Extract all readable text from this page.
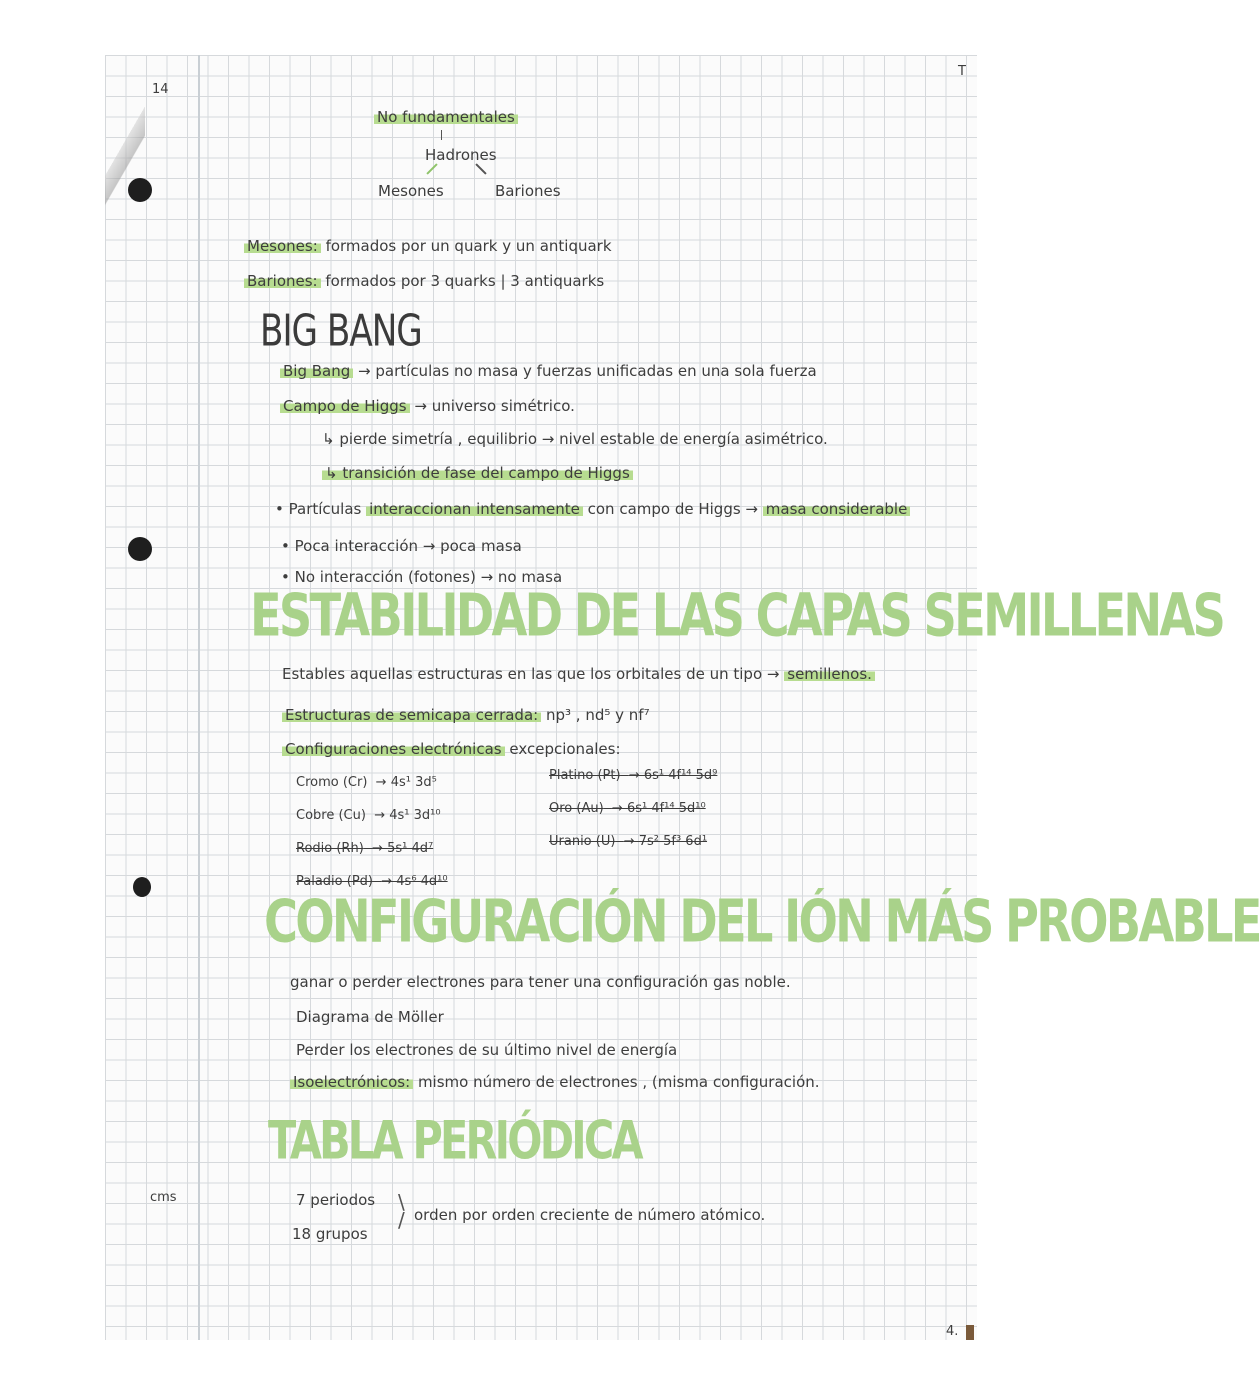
14
T
cms
4.
No fundamentales
Hadrones
Mesones	Bariones
Mesones: formados por un quark y un antiquark
Bariones: formados por 3 quarks | 3 antiquarks
BIG BANG
Big Bang → partículas no masa y fuerzas unificadas en una sola fuerza
Campo de Higgs → universo simétrico.
↳ pierde simetría , equilibrio → nivel estable de energía asimétrico.
↳ transición de fase del campo de Higgs
• Partículas interaccionan intensamente con campo de Higgs → masa considerable
• Poca interacción → poca masa
• No interacción (fotones) → no masa
ESTABILIDAD DE LAS CAPAS SEMILLENAS
Estables aquellas estructuras en las que los orbitales de un tipo → semillenos.
Estructuras de semicapa cerrada: np³ , nd⁵ y nf⁷
Configuraciones electrónicas excepcionales:
Cromo (Cr) → 4s¹ 3d⁵
Cobre (Cu) → 4s¹ 3d¹⁰
Rodio (Rh) → 5s¹ 4d⁷
Paladio (Pd) → 4s⁶ 4d¹⁰
Platino (Pt) → 6s¹ 4f¹⁴ 5d⁹
Oro (Au) → 6s¹ 4f¹⁴ 5d¹⁰
Uranio (U) → 7s² 5f³ 6d¹
CONFIGURACIÓN DEL IÓN MÁS PROBABLE
ganar o perder electrones para tener una configuración gas noble.
Diagrama de Möller
Perder los electrones de su último nivel de energía
Isoelectrónicos: mismo número de electrones , (misma configuración.
TABLA PERIÓDICA
7 periodos
18 grupos
\
/ orden por orden creciente de número atómico.
